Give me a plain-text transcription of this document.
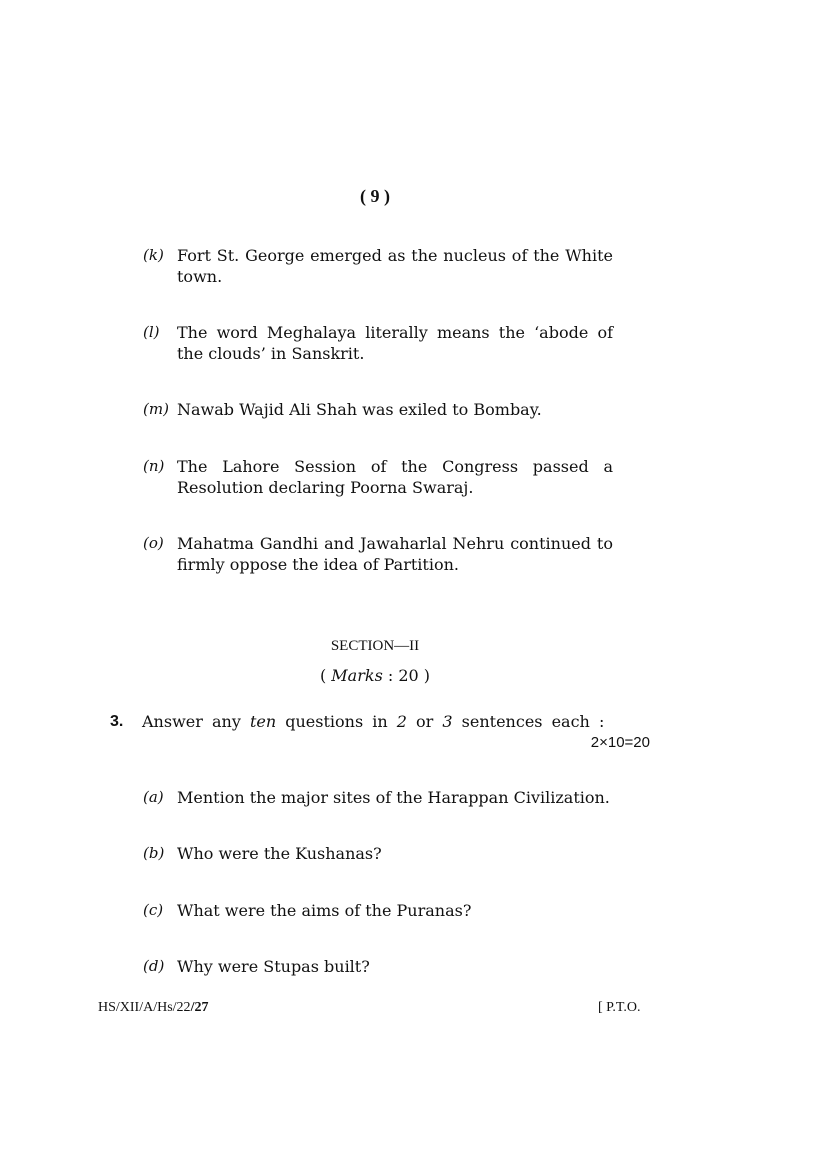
( 9 )
(k) Fort St. George emerged as the nucleus of the White town.
(l) The word Meghalaya literally means the ‘abode of the clouds’ in Sanskrit.
(m) Nawab Wajid Ali Shah was exiled to Bombay.
(n) The Lahore Session of the Congress passed a Resolution declaring Poorna Swaraj.
(o) Mahatma Gandhi and Jawaharlal Nehru continued to firmly oppose the idea of Partition.
SECTION—II
( Marks : 20 )
3. Answer any ten questions in 2 or 3 sentences each :
2×10=20
(a) Mention the major sites of the Harappan Civilization.
(b) Who were the Kushanas?
(c) What were the aims of the Puranas?
(d) Why were Stupas built?
HS/XII/A/Hs/22/27	[ P.T.O.
